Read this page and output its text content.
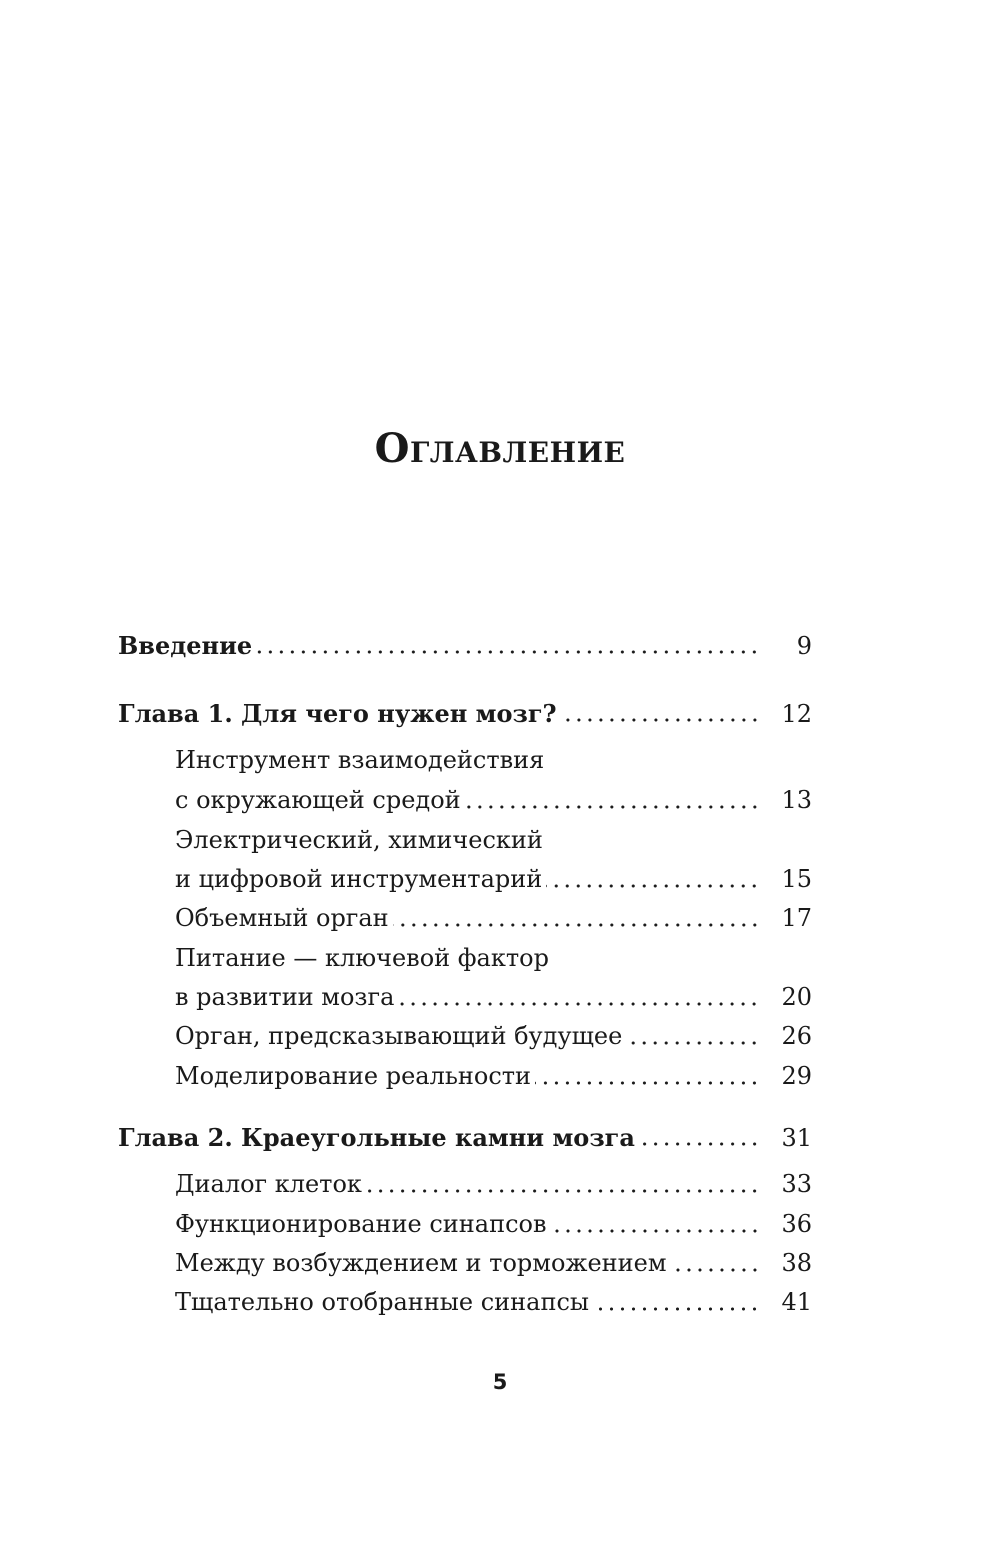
Оглавление
Введение	9
Глава 1. Для чего нужен мозг?	12
Инструмент взаимодействия
с окружающей средой	13
Электрический, химический
и цифровой инструментарий	15
Объемный орган	17
Питание — ключевой фактор
в развитии мозга	20
Орган, предсказывающий будущее	26
Моделирование реальности	29
Глава 2. Краеугольные камни мозга	31
Диалог клеток	33
Функционирование синапсов	36
Между возбуждением и торможением	38
Тщательно отобранные синапсы	41
5
